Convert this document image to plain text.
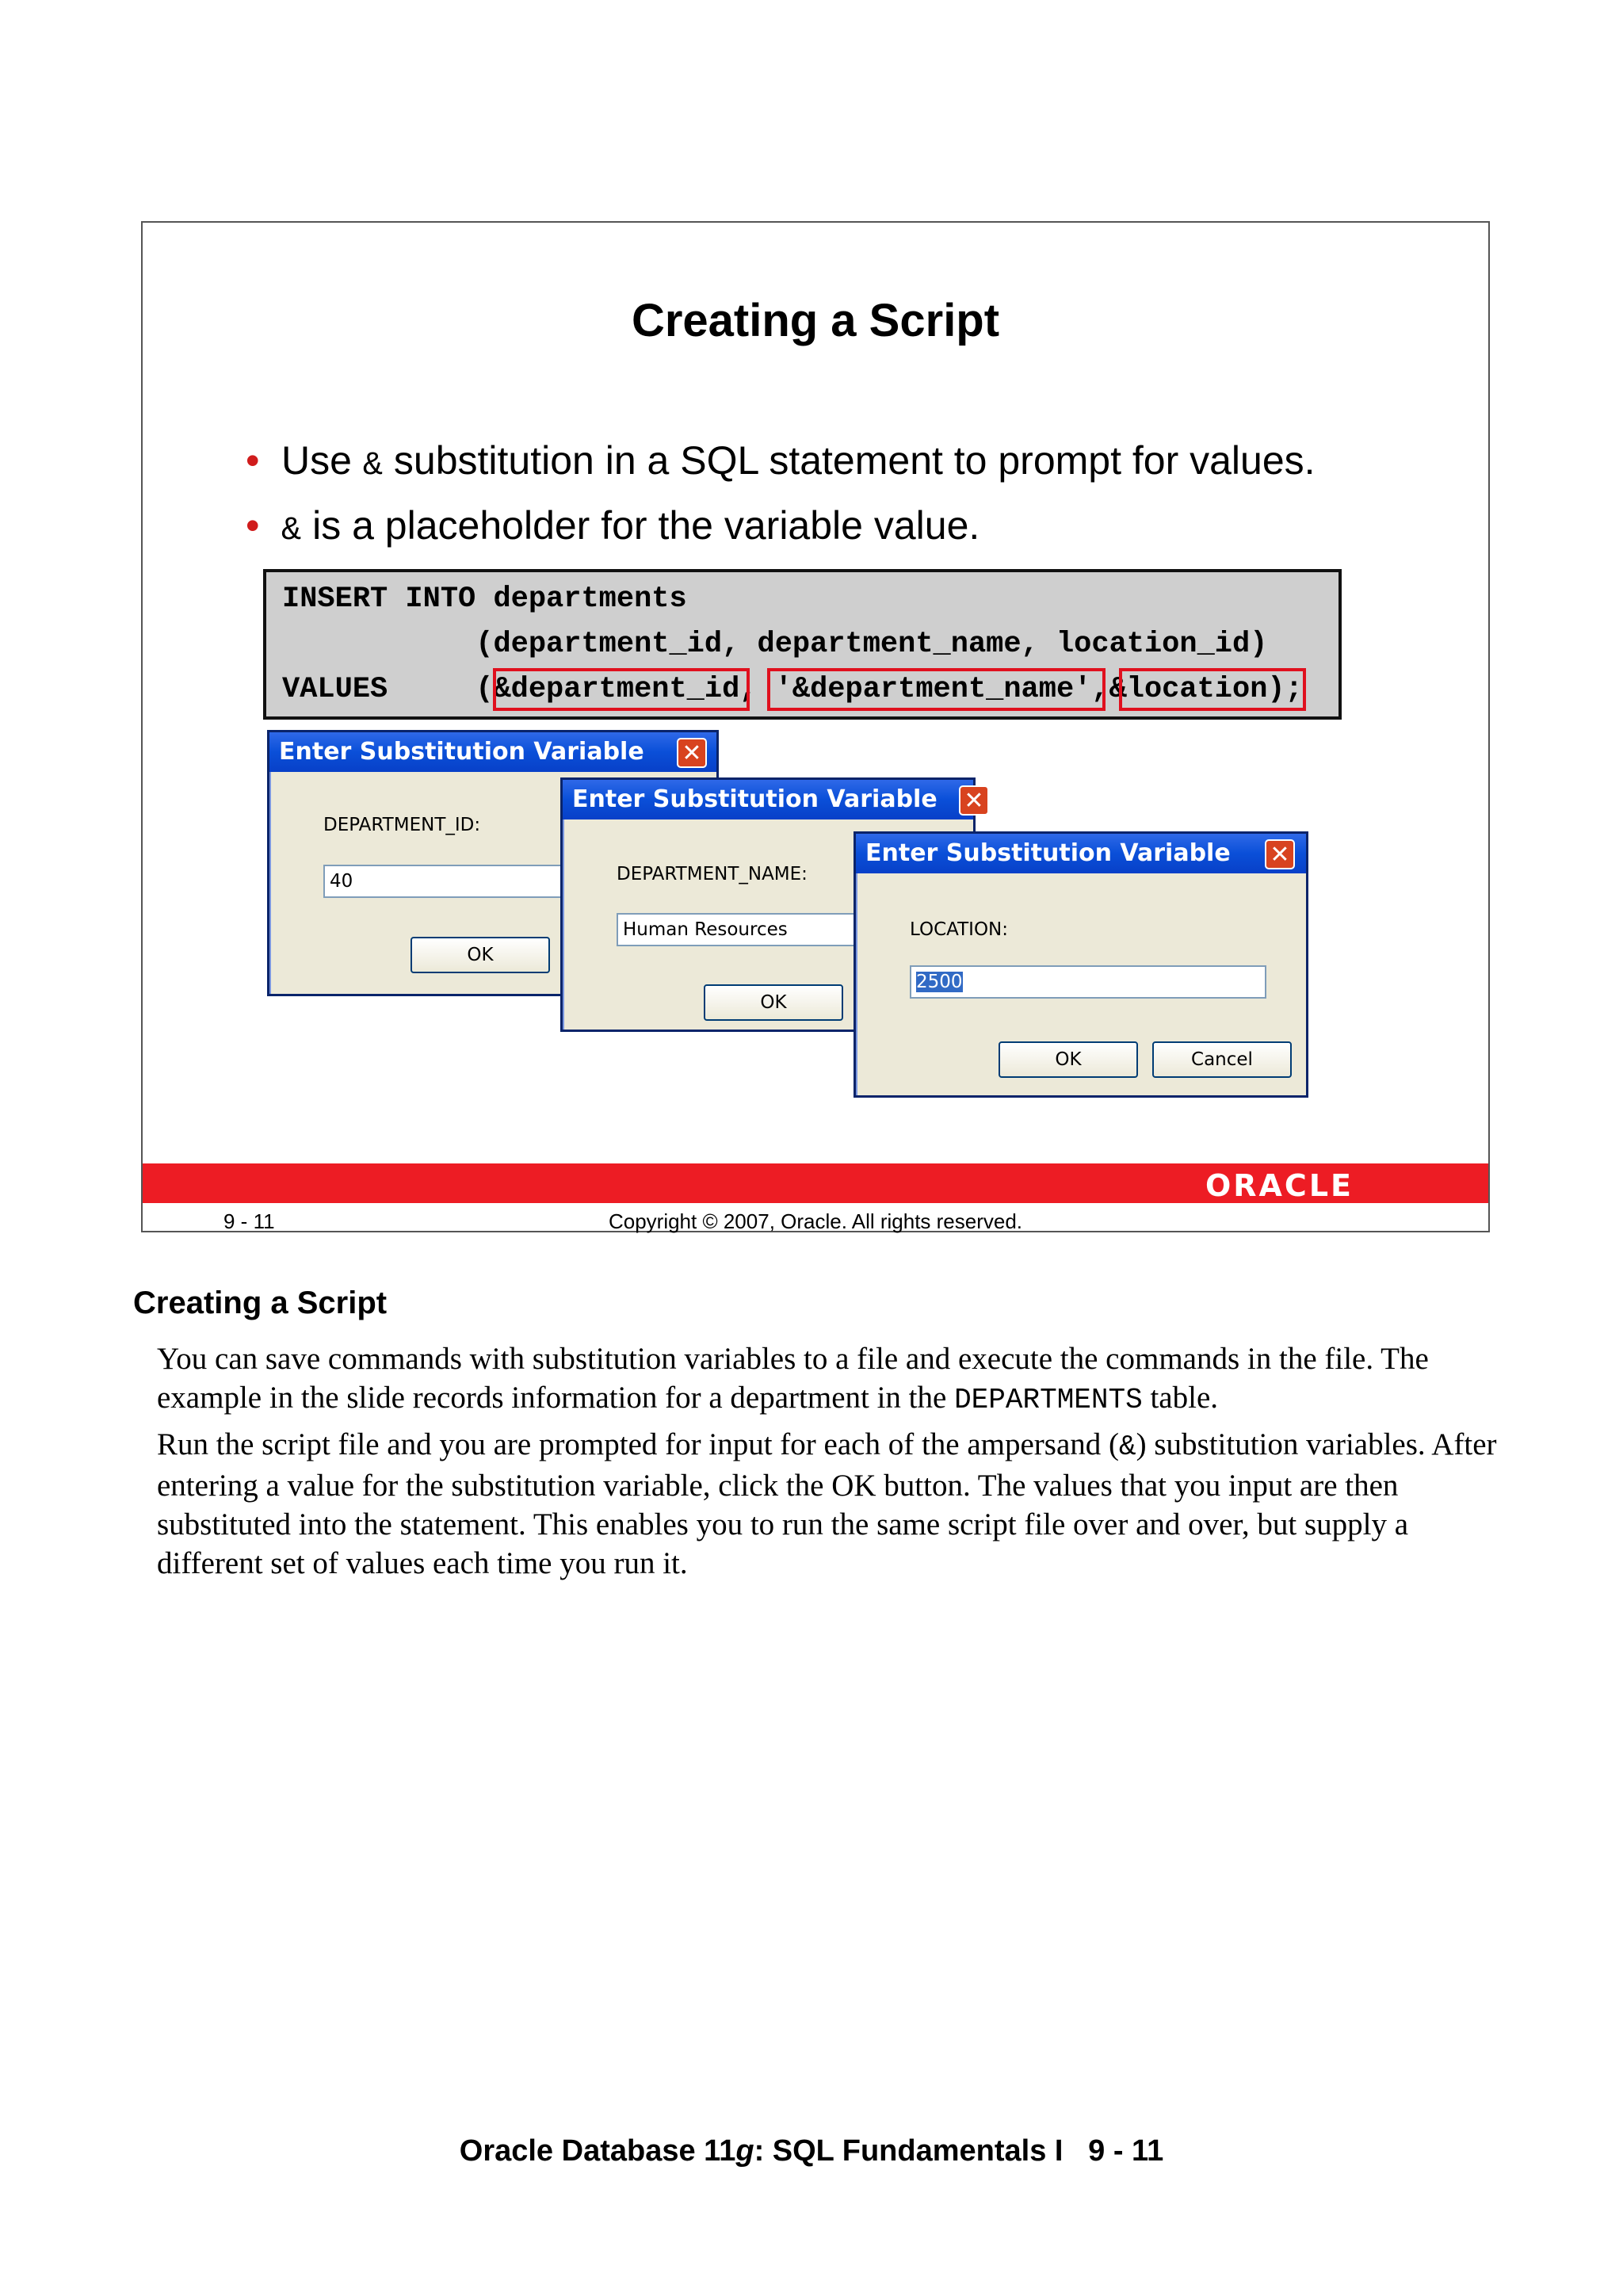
Creating a Script
• Use & substitution in a SQL statement to prompt for values.
• & is a placeholder for the variable value.
INSERT INTO departments
(department_id, department_name, location_id)
VALUES     (&department_id, '&department_name',&location);
Enter Substitution Variable	✕
DEPARTMENT_ID:
40
OK
Enter Substitution Variable	✕
DEPARTMENT_NAME:
Human Resources
OK
Enter Substitution Variable	✕
LOCATION:
2500
OK	Cancel
ORACLE
9 - 11	Copyright © 2007, Oracle. All rights reserved.
Creating a Script

You can save commands with substitution variables to a file and execute the commands in the file. The example in the slide records information for a department in the DEPARTMENTS table.

Run the script file and you are prompted for input for each of the ampersand (&) substitution variables. After entering a value for the substitution variable, click the OK button. The values that you input are then substituted into the statement. This enables you to run the same script file over and over, but supply a different set of values each time you run it.

Oracle Database 11g: SQL Fundamentals I   9 - 11
